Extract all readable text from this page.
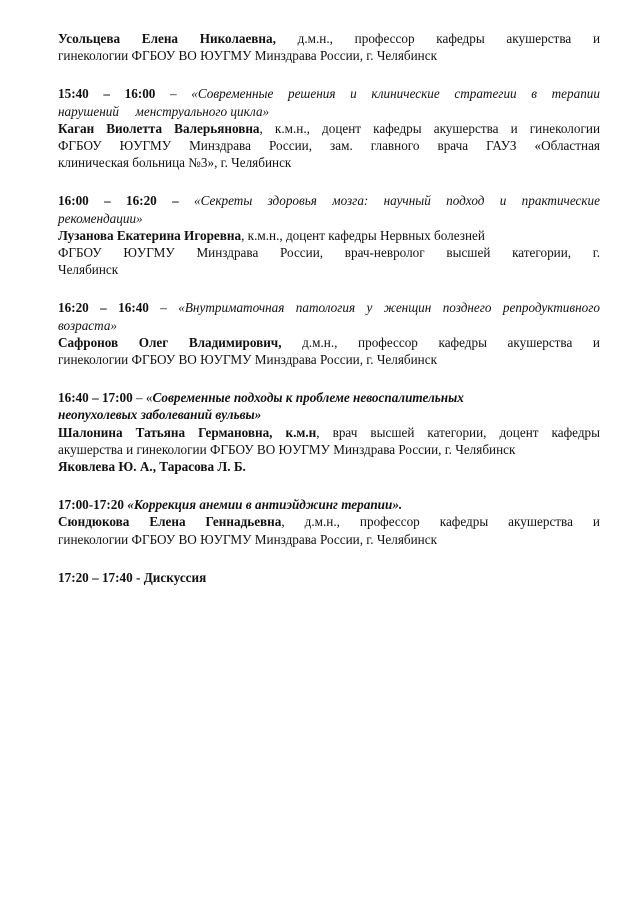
Усольцева Елена Николаевна, д.м.н., профессор кафедры акушерства и
гинекологии ФГБОУ ВО ЮУГМУ Минздрава России, г. Челябинск
15:40 – 16:00 – «Современные решения и клинические стратегии в терапии
нарушений     менструального цикла»
Каган Виолетта Валерьяновна, к.м.н., доцент кафедры акушерства и гинекологии
ФГБОУ ЮУГМУ Минздрава России, зам. главного врача ГАУЗ «Областная
клиническая больница №3», г. Челябинск
16:00 – 16:20 – «Секреты здоровья мозга: научный подход и практические
рекомендации»
Лузанова Екатерина Игоревна, к.м.н., доцент кафедры Нервных болезней
ФГБОУ ЮУГМУ Минздрава России, врач-невролог высшей категории, г.
Челябинск
16:20 – 16:40 – «Внутриматочная патология у женщин позднего репродуктивного
возраста»
Сафронов Олег Владимирович, д.м.н., профессор кафедры акушерства и
гинекологии ФГБОУ ВО ЮУГМУ Минздрава России, г. Челябинск
16:40 – 17:00 – «Современные подходы к проблеме невоспалительных
неопухолевых заболеваний вульвы»
Шалонина Татьяна Германовна, к.м.н, врач высшей категории, доцент кафедры
акушерства и гинекологии ФГБОУ ВО ЮУГМУ Минздрава России, г. Челябинск
Яковлева Ю. А., Тарасова Л. Б.
17:00-17:20 «Коррекция анемии в антиэйджинг терапии».
Сюндюкова Елена Геннадьевна, д.м.н., профессор кафедры акушерства и
гинекологии ФГБОУ ВО ЮУГМУ Минздрава России, г. Челябинск
17:20 – 17:40 - Дискуссия
